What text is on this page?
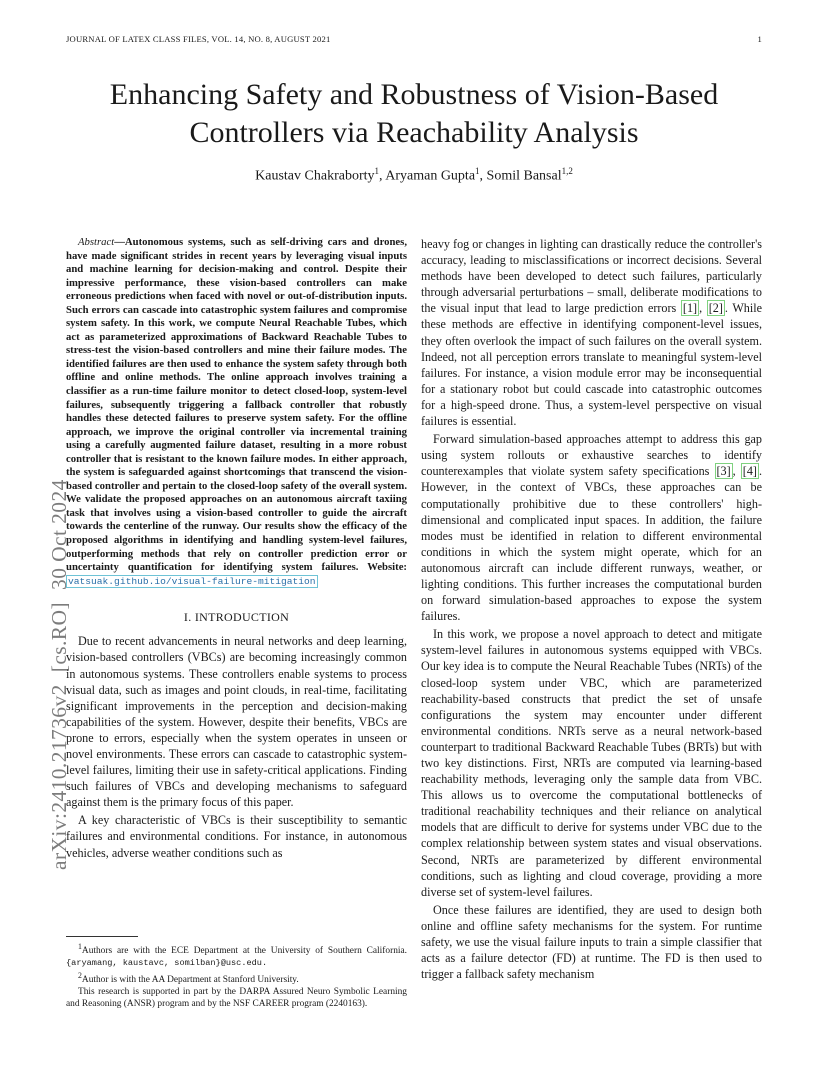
JOURNAL OF LATEX CLASS FILES, VOL. 14, NO. 8, AUGUST 2021	1
arXiv:2410.21736v2[cs.RO]30 Oct 2024
Enhancing Safety and Robustness of Vision-Based Controllers via Reachability Analysis
Kaustav Chakraborty$^1$, Aryaman Gupta$^1$, Somil Bansal$^{1,2}$

Abstract—Autonomous systems, such as self-driving cars and drones, have made significant strides in recent years by leveraging visual inputs and machine learning for decision-making and control. Despite their impressive performance, these vision-based controllers can make erroneous predictions when faced with novel or out-of-distribution inputs. Such errors can cascade into catastrophic system failures and compromise system safety. In this work, we compute Neural Reachable Tubes, which act as parameterized approximations of Backward Reachable Tubes to stress-test the vision-based controllers and mine their failure modes. The identified failures are then used to enhance the system safety through both offline and online methods. The online approach involves training a classifier as a run-time failure monitor to detect closed-loop, system-level failures, subsequently triggering a fallback controller that robustly handles these detected failures to preserve system safety. For the offline approach, we improve the original controller via incremental training using a carefully augmented failure dataset, resulting in a more robust controller that is resistant to the known failure modes. In either approach, the system is safeguarded against shortcomings that transcend the vision-based controller and pertain to the closed-loop safety of the overall system. We validate the proposed approaches on an autonomous aircraft taxiing task that involves using a vision-based controller to guide the aircraft towards the centerline of the runway. Our results show the efficacy of the proposed algorithms in identifying and handling system-level failures, outperforming methods that rely on controller prediction error or uncertainty quantification for identifying system failures. Website: vatsuak.github.io/visual-failure-mitigation

I. INTRODUCTION

Due to recent advancements in neural networks and deep learning, vision-based controllers (VBCs) are becoming increasingly common in autonomous systems. These controllers enable systems to process visual data, such as images and point clouds, in real-time, facilitating significant improvements in the perception and decision-making capabilities of the system. However, despite their benefits, VBCs are prone to errors, especially when the system operates in unseen or novel environments. These errors can cascade to catastrophic system-level failures, limiting their use in safety-critical applications. Finding such failures of VBCs and developing mechanisms to safeguard against them is the primary focus of this paper.

A key characteristic of VBCs is their susceptibility to semantic failures and environmental conditions. For instance, in autonomous vehicles, adverse weather conditions such as

$^1$Authors are with the ECE Department at the University of Southern California. {aryamang, kaustavc, somilban}@usc.edu.

$^2$Author is with the AA Department at Stanford University.

This research is supported in part by the DARPA Assured Neuro Symbolic Learning and Reasoning (ANSR) program and by the NSF CAREER program (2240163).

heavy fog or changes in lighting can drastically reduce the controller's accuracy, leading to misclassifications or incorrect decisions. Several methods have been developed to detect such failures, particularly through adversarial perturbations – small, deliberate modifications to the visual input that lead to large prediction errors [1] , [2] . While these methods are effective in identifying component-level issues, they often overlook the impact of such failures on the overall system. Indeed, not all perception errors translate to meaningful system-level failures. For instance, a vision module error may be inconsequential for a stationary robot but could cascade into catastrophic outcomes for a high-speed drone. Thus, a system-level perspective on visual failures is essential.

Forward simulation-based approaches attempt to address this gap using system rollouts or exhaustive searches to identify counterexamples that violate system safety specifications [3] , [4] . However, in the context of VBCs, these approaches can be computationally prohibitive due to these controllers' high-dimensional and complicated input spaces. In addition, the failure modes must be identified in relation to different environmental conditions in which the system might operate, which for an autonomous aircraft can include different runways, weather, or lighting conditions. This further increases the computational burden on forward simulation-based approaches to expose the system failures.

In this work, we propose a novel approach to detect and mitigate system-level failures in autonomous systems equipped with VBCs. Our key idea is to compute the Neural Reachable Tubes (NRTs) of the closed-loop system under VBC, which are parameterized reachability-based constructs that predict the set of unsafe configurations the system may encounter under different environmental conditions. NRTs serve as a neural network-based counterpart to traditional Backward Reachable Tubes (BRTs) but with two key distinctions. First, NRTs are computed via learning-based reachability methods, leveraging only the sample data from VBC. This allows us to overcome the computational bottlenecks of traditional reachability techniques and their reliance on analytical models that are difficult to derive for systems under VBC due to the complex relationship between system states and visual observations. Second, NRTs are parameterized by different environmental conditions, such as lighting and cloud coverage, providing a more diverse set of system-level failures.

Once these failures are identified, they are used to design both online and offline safety mechanisms for the system. For runtime safety, we use the visual failure inputs to train a simple classifier that acts as a failure detector (FD) at runtime. The FD is then used to trigger a fallback safety mechanism
